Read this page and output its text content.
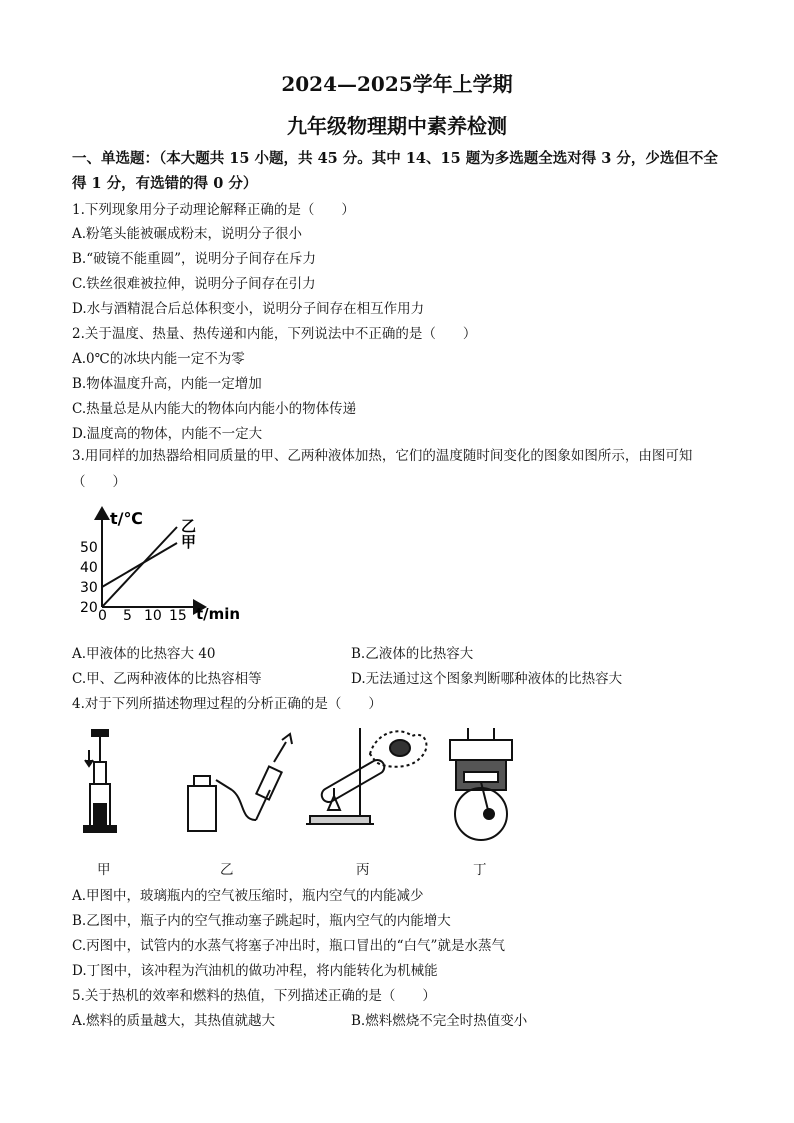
2024—2025学年上学期
九年级物理期中素养检测
一、单选题：（本大题共 15 小题，共 45 分。其中 14、15 题为多选题全选对得 3 分，少选但不全得 1 分，有选错的得 0 分）
1.下列现象用分子动理论解释正确的是（　　）
A.粉笔头能被碾成粉末，说明分子很小
B.“破镜不能重圆”，说明分子间存在斥力
C.铁丝很难被拉伸，说明分子间存在引力
D.水与酒精混合后总体积变小，说明分子间存在相互作用力
2.关于温度、热量、热传递和内能，下列说法中不正确的是（　　）
A.0℃的冰块内能一定不为零
B.物体温度升高，内能一定增加
C.热量总是从内能大的物体向内能小的物体传递
D.温度高的物体，内能不一定大
3.用同样的加热器给相同质量的甲、乙两种液体加热，它们的温度随时间变化的图象如图所示，由图可知（　　）
t/℃
t/min
0 5 10 15
20
30
40
50
乙
甲
A.甲液体的比热容大 40	B.乙液体的比热容大
C.甲、乙两种液体的比热容相等	D.无法通过这个图象判断哪种液体的比热容大
4.对于下列所描述物理过程的分析正确的是（　　）
甲	乙	丙	丁
A.甲图中，玻璃瓶内的空气被压缩时，瓶内空气的内能减少
B.乙图中，瓶子内的空气推动塞子跳起时，瓶内空气的内能增大
C.丙图中，试管内的水蒸气将塞子冲出时，瓶口冒出的“白气”就是水蒸气
D.丁图中，该冲程为汽油机的做功冲程，将内能转化为机械能
5.关于热机的效率和燃料的热值，下列描述正确的是（　　）
A.燃料的质量越大，其热值就越大	B.燃料燃烧不完全时热值变小
